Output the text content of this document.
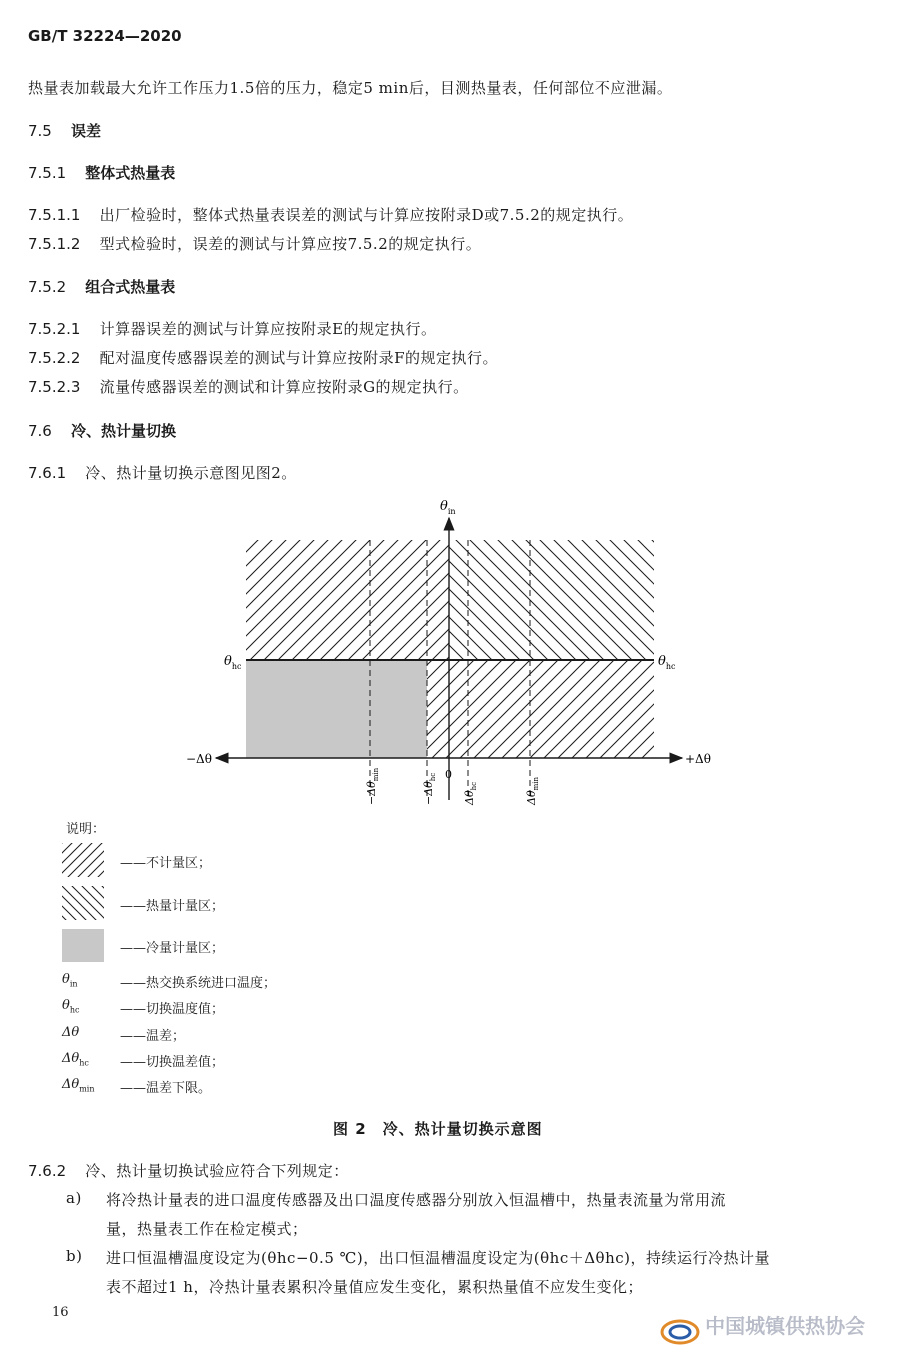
GB/T 32224—2020
热量表加载最大允许工作压力1.5倍的压力，稳定5 min后，目测热量表，任何部位不应泄漏。
7.5 误差
7.5.1 整体式热量表
7.5.1.1 出厂检验时，整体式热量表误差的测试与计算应按附录D或7.5.2的规定执行。
7.5.1.2 型式检验时，误差的测试与计算应按7.5.2的规定执行。
7.5.2 组合式热量表
7.5.2.1 计算器误差的测试与计算应按附录E的规定执行。
7.5.2.2 配对温度传感器误差的测试与计算应按附录F的规定执行。
7.5.2.3 流量传感器误差的测试和计算应按附录G的规定执行。
7.6 冷、热计量切换
7.6.1 冷、热计量切换示意图见图2。
$\theta_{in}$
$\theta_{hc}$	$\theta_{hc}$
−Δθ	+Δθ
0
$-\Delta\theta_{min}$
$-\Delta\theta_{hc}$
$\Delta\theta_{hc}$
$\Delta\theta_{min}$
说明：
——不计量区；
——热量计量区；
——冷量计量区；
$\theta_{in}$	——热交换系统进口温度；
$\theta_{hc}$	——切换温度值；
Δθ	——温差；
$\Delta\theta_{hc}$ ——切换温差值；
$\Delta\theta_{min}$ ——温差下限。
图 2　冷、热计量切换示意图
7.6.2 冷、热计量切换试验应符合下列规定：
a) 将冷热计量表的进口温度传感器及出口温度传感器分别放入恒温槽中，热量表流量为常用流
量，热量表工作在检定模式；
b) 进口恒温槽温度设定为(θhc−0.5 ℃)，出口恒温槽温度设定为(θhc＋Δθhc)，持续运行冷热计量
表不超过1 h，冷热计量表累积冷量值应发生变化，累积热量值不应发生变化；
16
中国城镇供热协会
